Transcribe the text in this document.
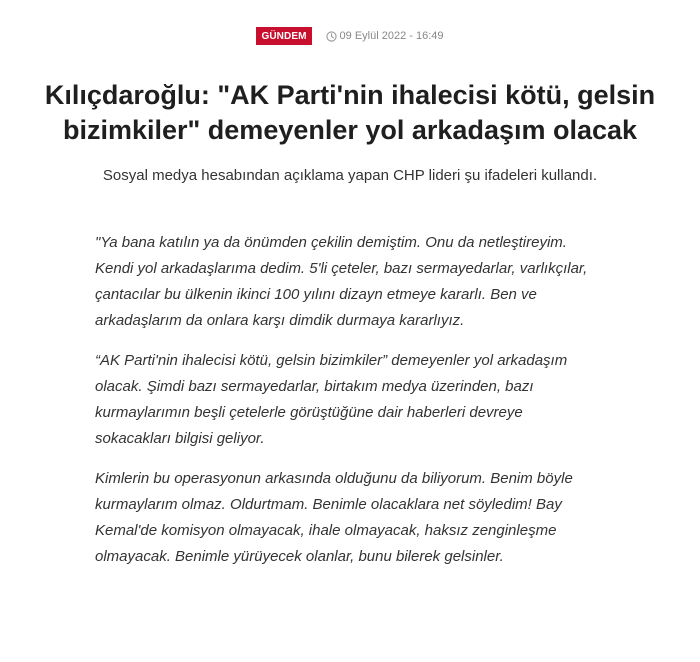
GÜNDEM	09 Eylül 2022 - 16:49
Kılıçdaroğlu: "AK Parti'nin ihalecisi kötü, gelsin bizimkiler" demeyenler yol arkadaşım olacak

Sosyal medya hesabından açıklama yapan CHP lideri şu ifadeleri kullandı.

"Ya bana katılın ya da önümden çekilin demiştim. Onu da netleştireyim. Kendi yol arkadaşlarıma dedim. 5'li çeteler, bazı sermayedarlar, varlıkçılar, çantacılar bu ülkenin ikinci 100 yılını dizayn etmeye kararlı. Ben ve arkadaşlarım da onlara karşı dimdik durmaya kararlıyız.

“AK Parti'nin ihalecisi kötü, gelsin bizimkiler” demeyenler yol arkadaşım olacak. Şimdi bazı sermayedarlar, birtakım medya üzerinden, bazı kurmaylarımın beşli çetelerle görüştüğüne dair haberleri devreye sokacakları bilgisi geliyor.

Kimlerin bu operasyonun arkasında olduğunu da biliyorum. Benim böyle kurmaylarım olmaz. Oldurtmam. Benimle olacaklara net söyledim! Bay Kemal'de komisyon olmayacak, ihale olmayacak, haksız zenginleşme olmayacak. Benimle yürüyecek olanlar, bunu bilerek gelsinler.
